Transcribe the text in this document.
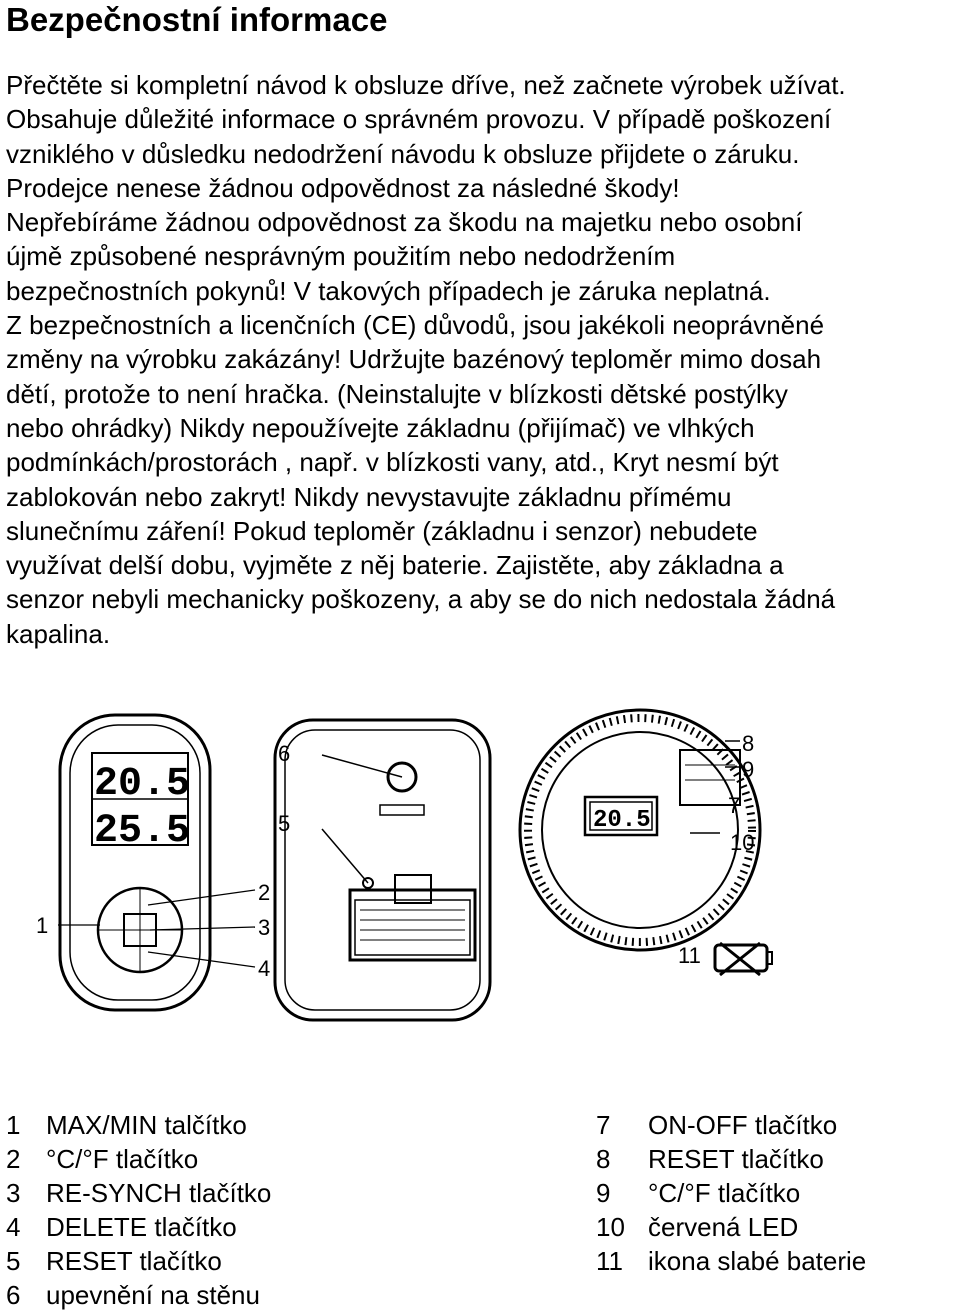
Bezpečnostní informace
Přečtěte si kompletní návod k obsluze dříve, než začnete výrobek užívat.
Obsahuje důležité informace o správném provozu. V případě poškození
vzniklého v důsledku nedodržení návodu k obsluze přijdete o záruku.
Prodejce nenese žádnou odpovědnost za následné škody!
Nepřebíráme žádnou odpovědnost za škodu na majetku nebo osobní
újmě způsobené nesprávným použitím nebo nedodržením
bezpečnostních pokynů! V takových případech je záruka neplatná.
Z bezpečnostních a licenčních (CE) důvodů, jsou jakékoli neoprávněné
změny na výrobku zakázány! Udržujte bazénový teploměr mimo dosah
dětí, protože to není hračka. (Neinstalujte v blízkosti dětské postýlky
nebo ohrádky) Nikdy nepoužívejte základnu (přijímač) ve vlhkých
podmínkách/prostorách , např. v blízkosti vany, atd., Kryt nesmí být
zablokován nebo zakryt! Nikdy nevystavujte základnu přímému
slunečnímu záření! Pokud teploměr (základnu i senzor) nebudete
využívat delší dobu, vyjměte z něj baterie. Zajistěte, aby základna a
senzor nebyli mechanicky poškozeny, a aby se do nich nedostala žádná
kapalina.
20.5
25.5	20.5
1
2
3
4
5
6
7
8
9
10
11
1 MAX/MIN talčítko
2 °C/°F tlačítko
3 RE-SYNCH tlačítko
4 DELETE tlačítko
5 RESET tlačítko
6 upevnění na stěnu
7 ON-OFF tlačítko
8 RESET tlačítko
9 °C/°F tlačítko
10 červená LED
11 ikona slabé baterie
